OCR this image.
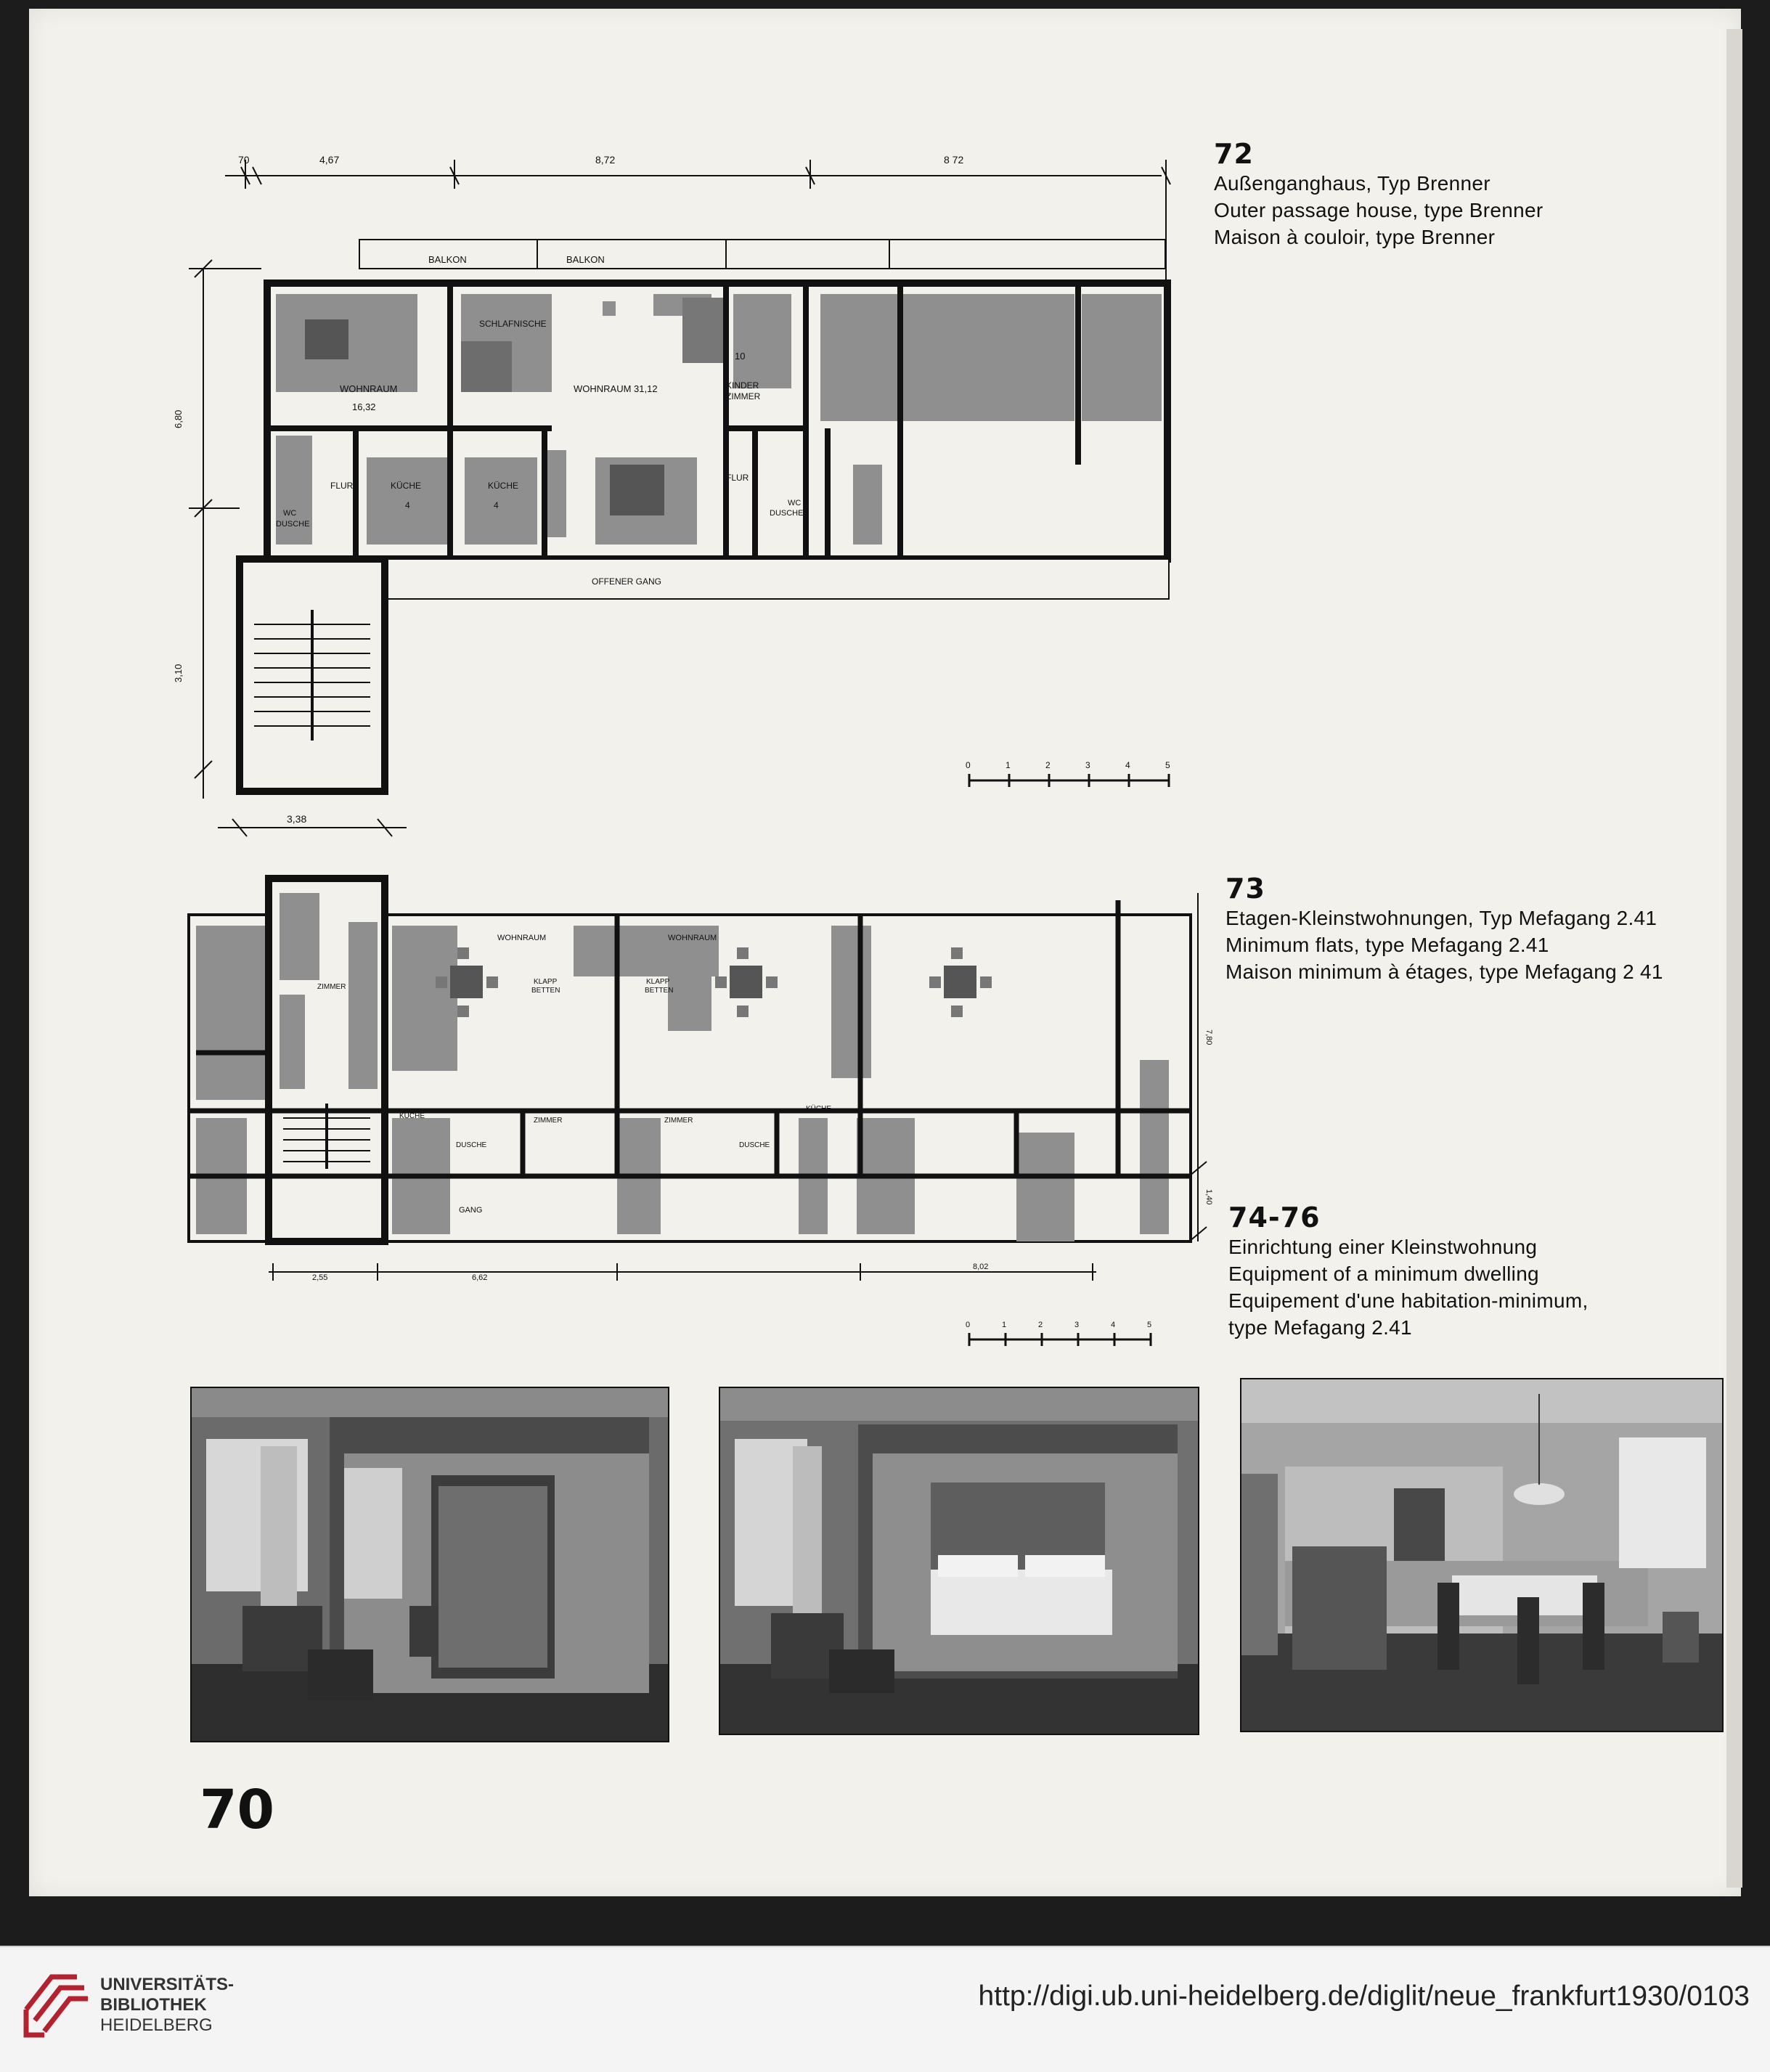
70	4,67	8,72	8 72
6,80
3,10
3,38
BALKON	BALKON
WOHNRAUM
16,32
SCHLAFNISCHE
WOHNRAUM 31,12
10
KINDER
ZIMMER
FLUR	KÜCHE
4
KÜCHE
4
FLUR
WC
DUSCHE
WC
DUSCHE
OFFENER GANG
0	1	2	3	4	5
72
Außenganghaus, Typ Brenner
Outer passage house, type Brenner
Maison à couloir, type Brenner
WOHNRAUM	WOHNRAUM
ZIMMER
KLAPP
BETTEN
KLAPP
BETTEN
KÜCHE
KÜCHE
ZIMMER	ZIMMER
DUSCHE	DUSCHE
GANG
7,80
1,40
2,55	6,62
8,02
0	1	2	3	4	5
73
Etagen-Kleinstwohnungen, Typ Mefagang 2.41
Minimum flats, type Mefagang 2.41
Maison minimum à étages, type Mefagang 2 41
74-76
Einrichtung einer Kleinstwohnung
Equipment of a minimum dwelling
Equipement d'une habitation-minimum,
type Mefagang 2.41
70
UNIVERSITÄTS-
BIBLIOTHEK
HEIDELBERG
http://digi.ub.uni-heidelberg.de/diglit/neue_frankfurt1930/0103
